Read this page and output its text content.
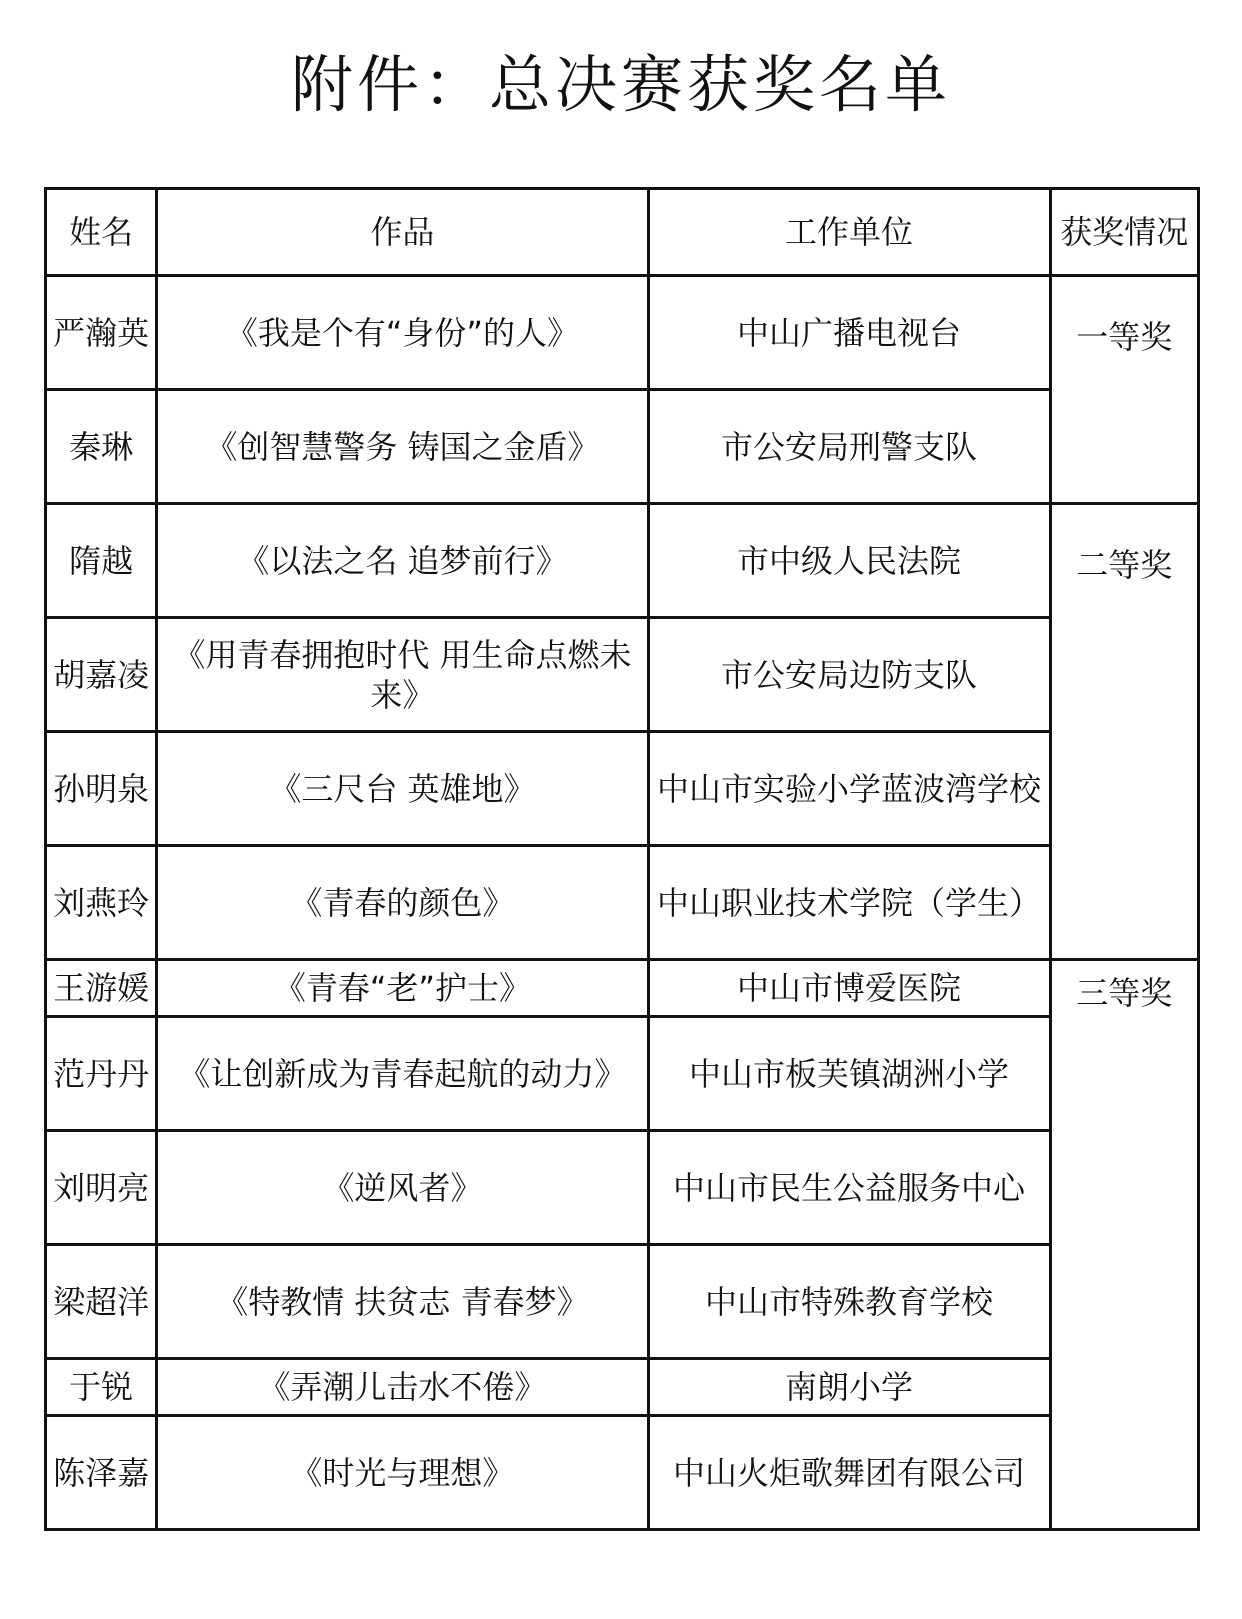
附件：总决赛获奖名单
姓名	作品	工作单位	获奖情况
严瀚英	《我是个有“身份”的人》	中山广播电视台	一等奖
秦琳	《创智慧警务 铸国之金盾》	市公安局刑警支队	
隋越	《以法之名 追梦前行》	市中级人民法院	二等奖
胡嘉凌	《用青春拥抱时代 用生命点燃未来》	市公安局边防支队	
孙明泉	《三尺台 英雄地》	中山市实验小学蓝波湾学校	
刘燕玲	《青春的颜色》	中山职业技术学院（学生）	
王游媛	《青春“老”护士》	中山市博爱医院	三等奖
范丹丹	《让创新成为青春起航的动力》	中山市板芙镇湖洲小学	
刘明亮	《逆风者》	中山市民生公益服务中心	
梁超洋	《特教情 扶贫志 青春梦》	中山市特殊教育学校	
于锐	《弄潮儿击水不倦》	南朗小学	
陈泽嘉	《时光与理想》	中山火炬歌舞团有限公司	
